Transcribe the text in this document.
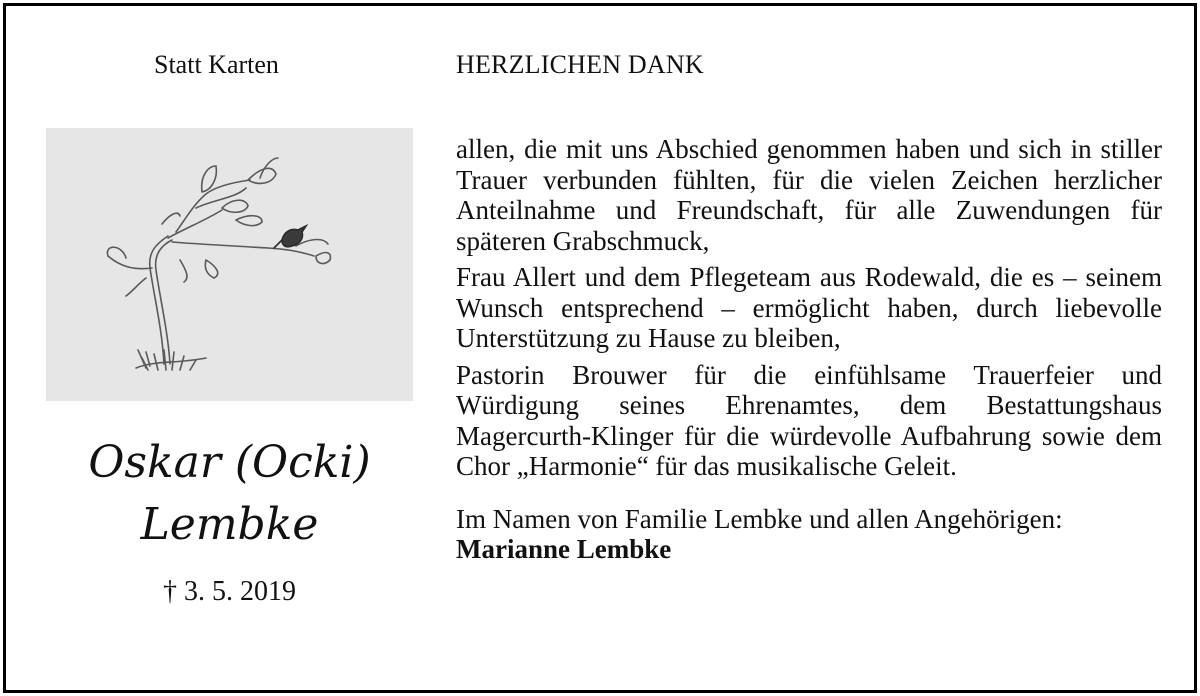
Statt Karten	HERZLICHEN DANK
Oskar (Ocki)
Lembke
† 3. 5. 2019

allen, die mit uns Abschied genommen haben und sich in stiller Trauer verbunden fühlten, für die vielen Zeichen herzlicher Anteilnahme und Freundschaft, für alle Zuwendungen für späteren Grabschmuck,

Frau Allert und dem Pflegeteam aus Rodewald, die es – seinem Wunsch entsprechend – ermöglicht haben, durch liebevolle Unterstützung zu Hause zu bleiben,

Pastorin Brouwer für die einfühlsame Trauerfeier und Würdigung seines Ehrenamtes, dem Bestattungshaus Magercurth-Klinger für die würdevolle Aufbahrung sowie dem Chor „Harmonie“ für das musikalische Geleit.

Im Namen von Familie Lembke und allen Angehörigen:
Marianne Lembke
